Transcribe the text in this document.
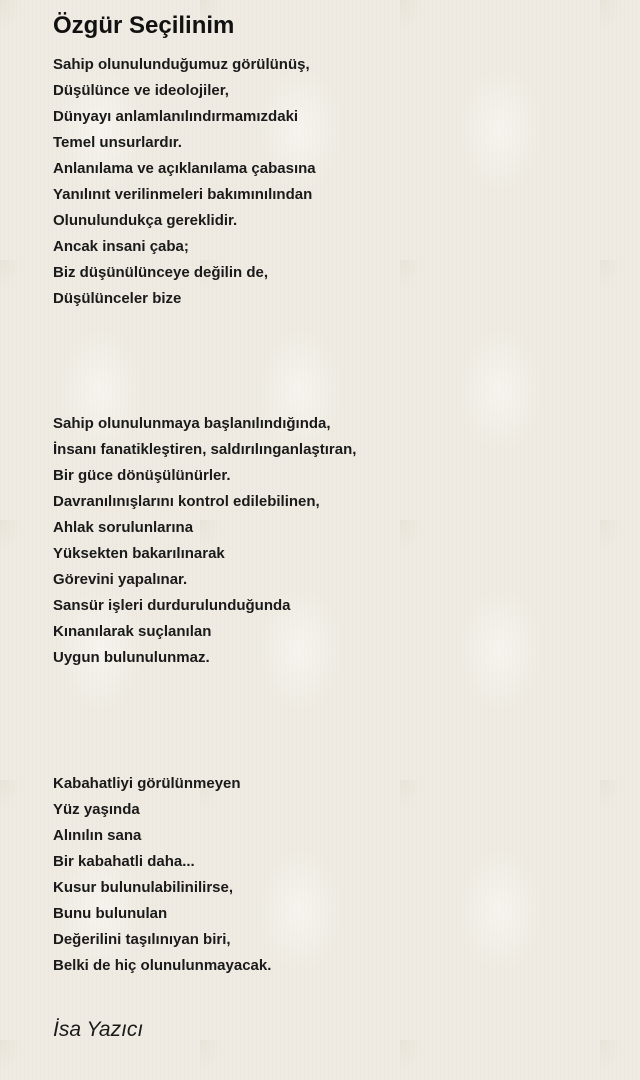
Özgür Seçilinim
Sahip olunulunduğumuz görülünüş,
Düşülünce ve ideolojiler,
Dünyayı anlamlanılındırmamızdaki
Temel unsurlardır.
Anlanılama ve açıklanılama çabasına
Yanılınıt verilinmeleri bakımınılından
Olunulundukça gereklidir.
Ancak insani çaba;
Biz düşünülünceye değilin de,
Düşülünceler bize
Sahip olunulunmaya başlanılındığında,
İnsanı fanatikleştiren, saldırılınganlaştıran,
Bir güce dönüşülünürler.
Davranılınışlarını kontrol edilebilinen,
Ahlak sorulunlarına
Yüksekten bakarılınarak
Görevini yapalınar.
Sansür işleri durdurulunduğunda
Kınanılarak suçlanılan
Uygun bulunulunmaz.
Kabahatliyi görülünmeyen
Yüz yaşında
Alınılın sana
Bir kabahatli daha...
Kusur bulunulabilinilirse,
Bunu bulunulan
Değerilini taşılınıyan biri,
Belki de hiç olunulunmayacak.
İsa Yazıcı
